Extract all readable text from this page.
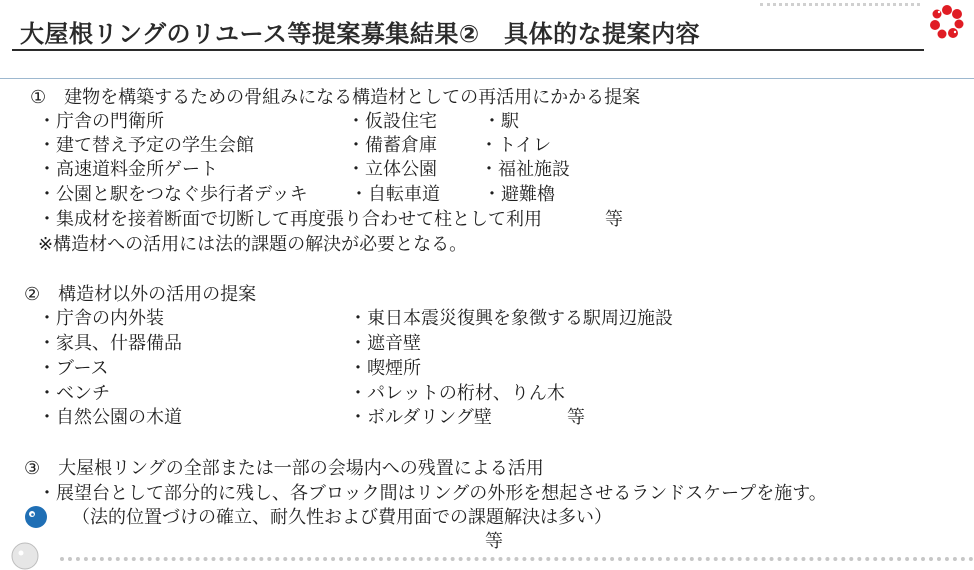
大屋根リングのリユース等提案募集結果②　具体的な提案内容
①　建物を構築するための骨組みになる構造材としての再活用にかかる提案
・庁舎の門衛所	・仮設住宅	・駅
・建て替え予定の学生会館	・備蓄倉庫 ・トイレ
・高速道料金所ゲート	・立体公園 ・福祉施設
・公園と駅をつなぐ歩行者デッキ ・自転車道 ・避難櫓
・集成材を接着断面で切断して再度張り合わせて柱として利用	等
※構造材への活用には法的課題の解決が必要となる。
②　構造材以外の活用の提案
・庁舎の内外装	・東日本震災復興を象徴する駅周辺施設
・家具、什器備品	・遮音壁
・ブース	・喫煙所
・ベンチ	・パレットの桁材、りん木
・自然公園の木道	・ボルダリング壁	等
③　大屋根リングの全部または一部の会場内への残置による活用
・展望台として部分的に残し、各ブロック間はリングの外形を想起させるランドスケープを施す。
（法的位置づけの確立、耐久性および費用面での課題解決は多い）
等
